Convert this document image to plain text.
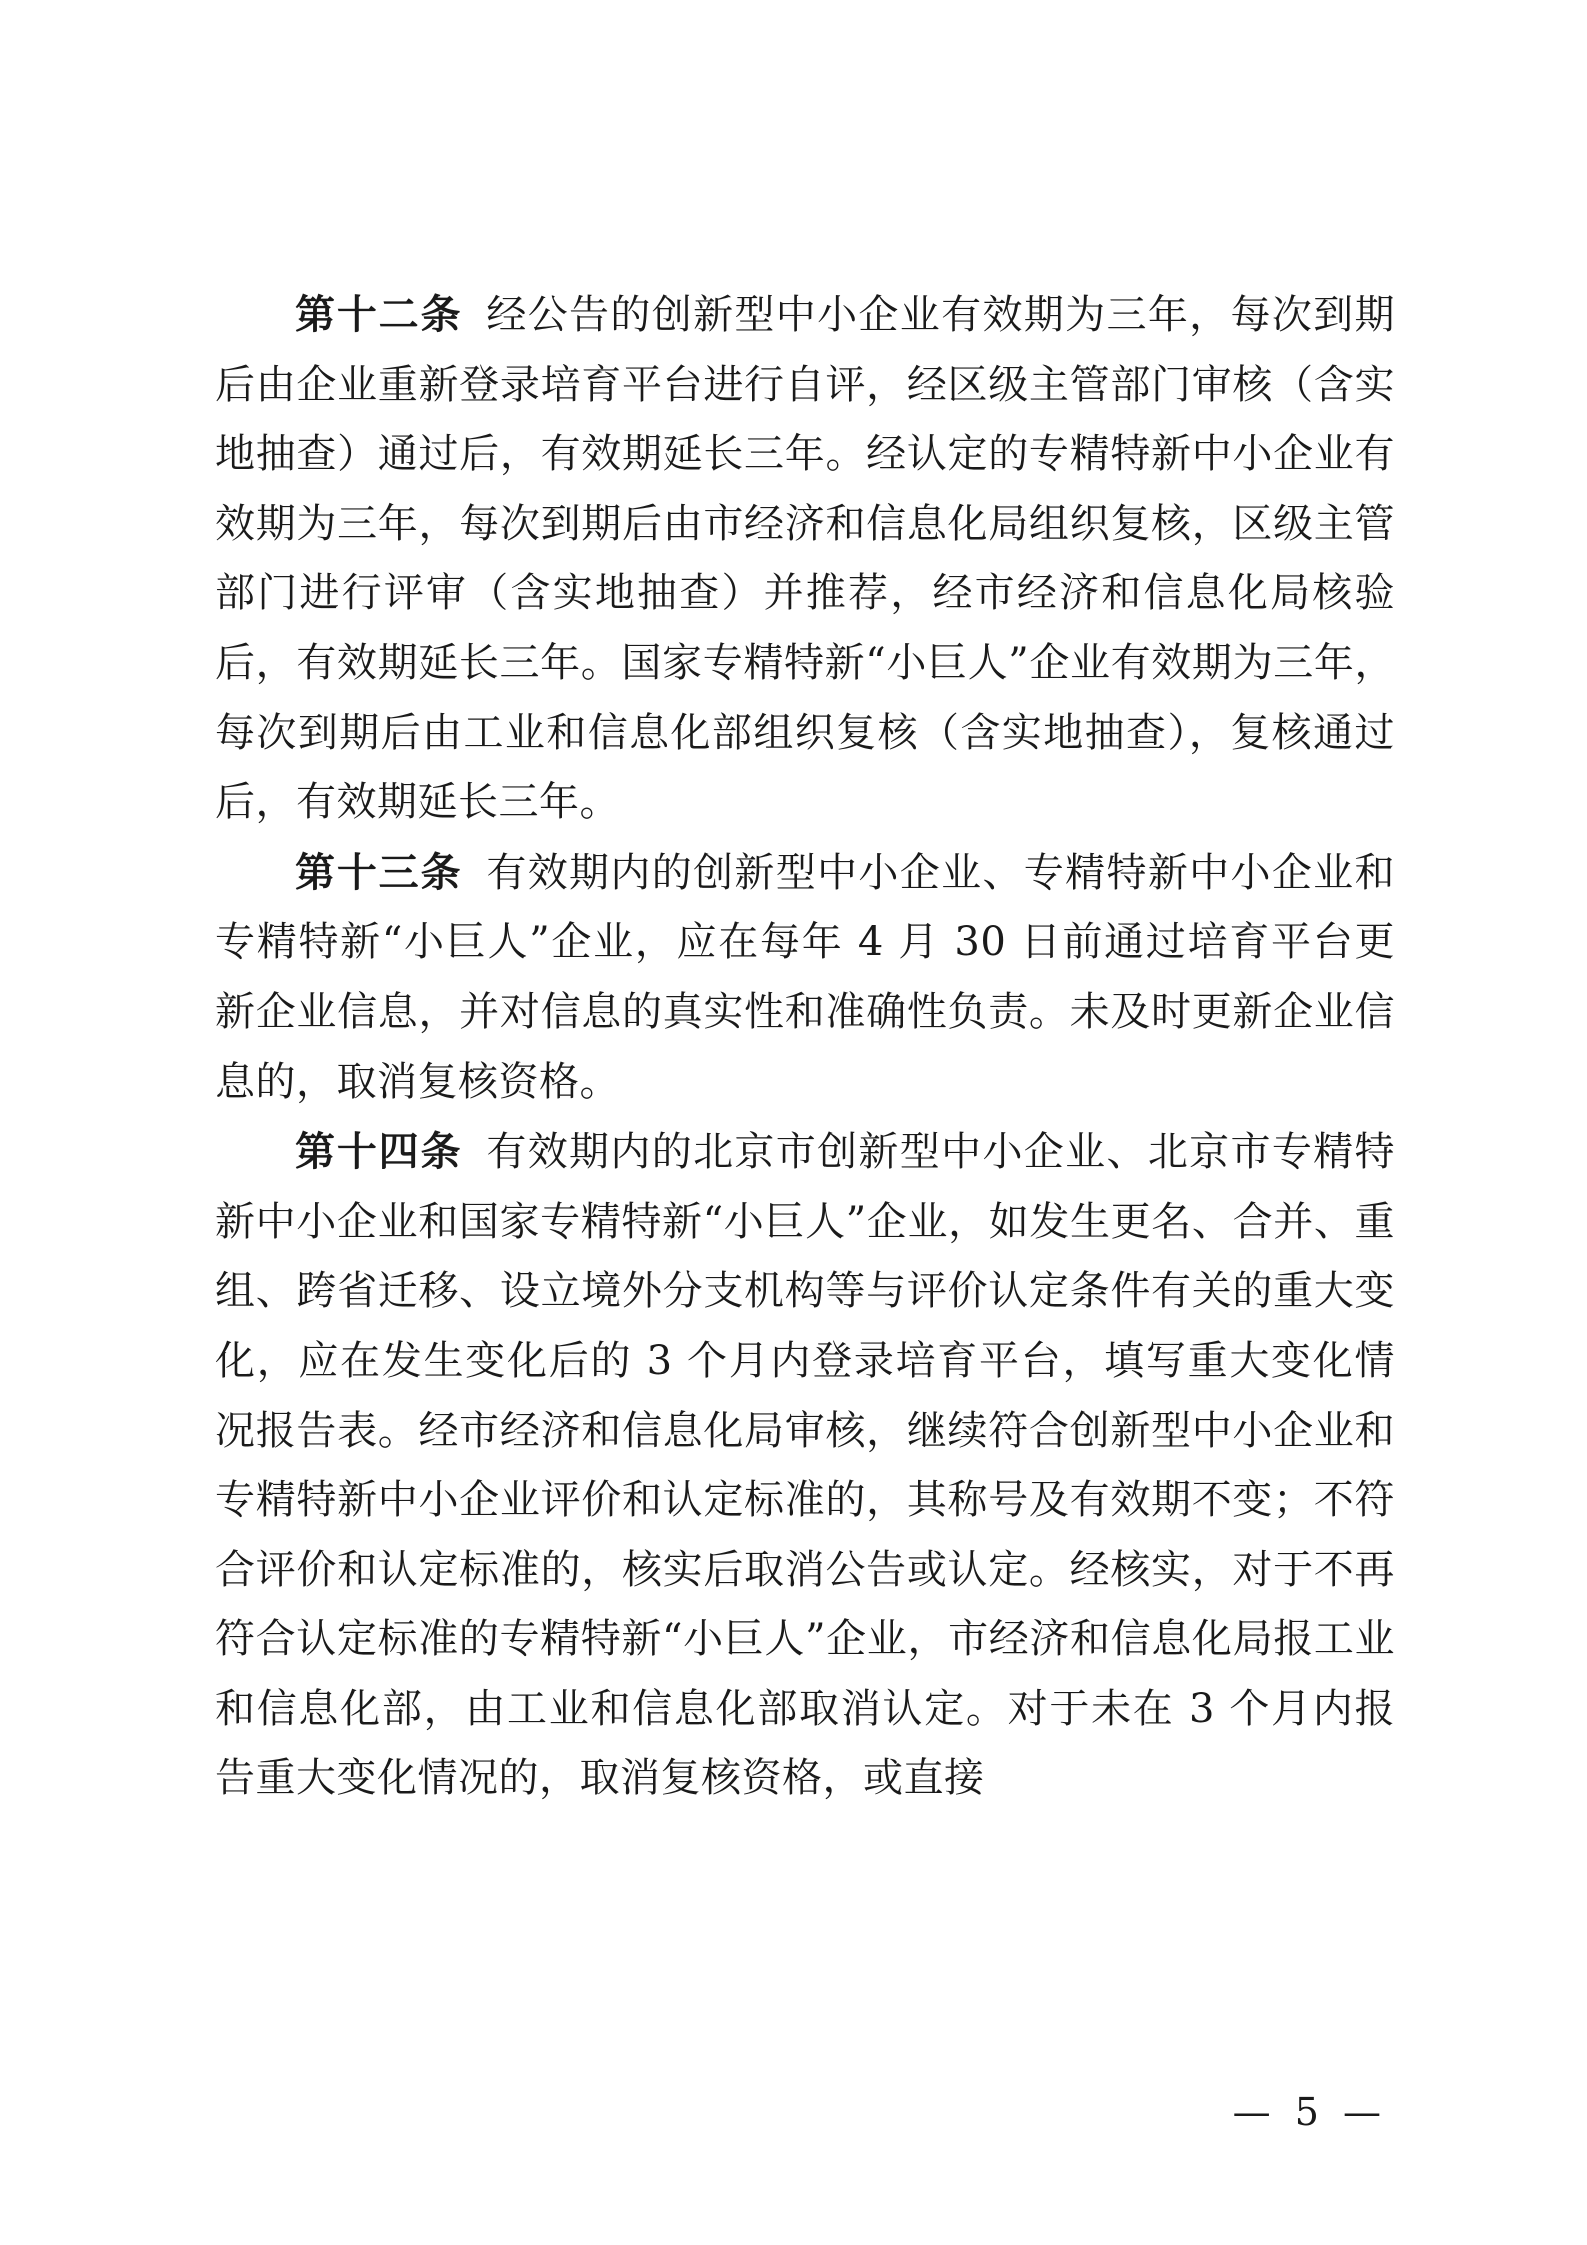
第十二条 经公告的创新型中小企业有效期为三年，每次到期后由企业重新登录培育平台进行自评，经区级主管部门审核（含实地抽查）通过后，有效期延长三年。经认定的专精特新中小企业有效期为三年，每次到期后由市经济和信息化局组织复核，区级主管部门进行评审（含实地抽查）并推荐，经市经济和信息化局核验后，有效期延长三年。国家专精特新“小巨人”企业有效期为三年，每次到期后由工业和信息化部组织复核（含实地抽查），复核通过后，有效期延长三年。

第十三条 有效期内的创新型中小企业、专精特新中小企业和专精特新“小巨人”企业，应在每年 4 月 30 日前通过培育平台更新企业信息，并对信息的真实性和准确性负责。未及时更新企业信息的，取消复核资格。

第十四条 有效期内的北京市创新型中小企业、北京市专精特新中小企业和国家专精特新“小巨人”企业，如发生更名、合并、重组、跨省迁移、设立境外分支机构等与评价认定条件有关的重大变化，应在发生变化后的 3 个月内登录培育平台，填写重大变化情况报告表。经市经济和信息化局审核，继续符合创新型中小企业和专精特新中小企业评价和认定标准的，其称号及有效期不变；不符合评价和认定标准的，核实后取消公告或认定。经核实，对于不再符合认定标准的专精特新“小巨人”企业，市经济和信息化局报工业和信息化部，由工业和信息化部取消认定。对于未在 3 个月内报告重大变化情况的，取消复核资格，或直接

— 5 —
